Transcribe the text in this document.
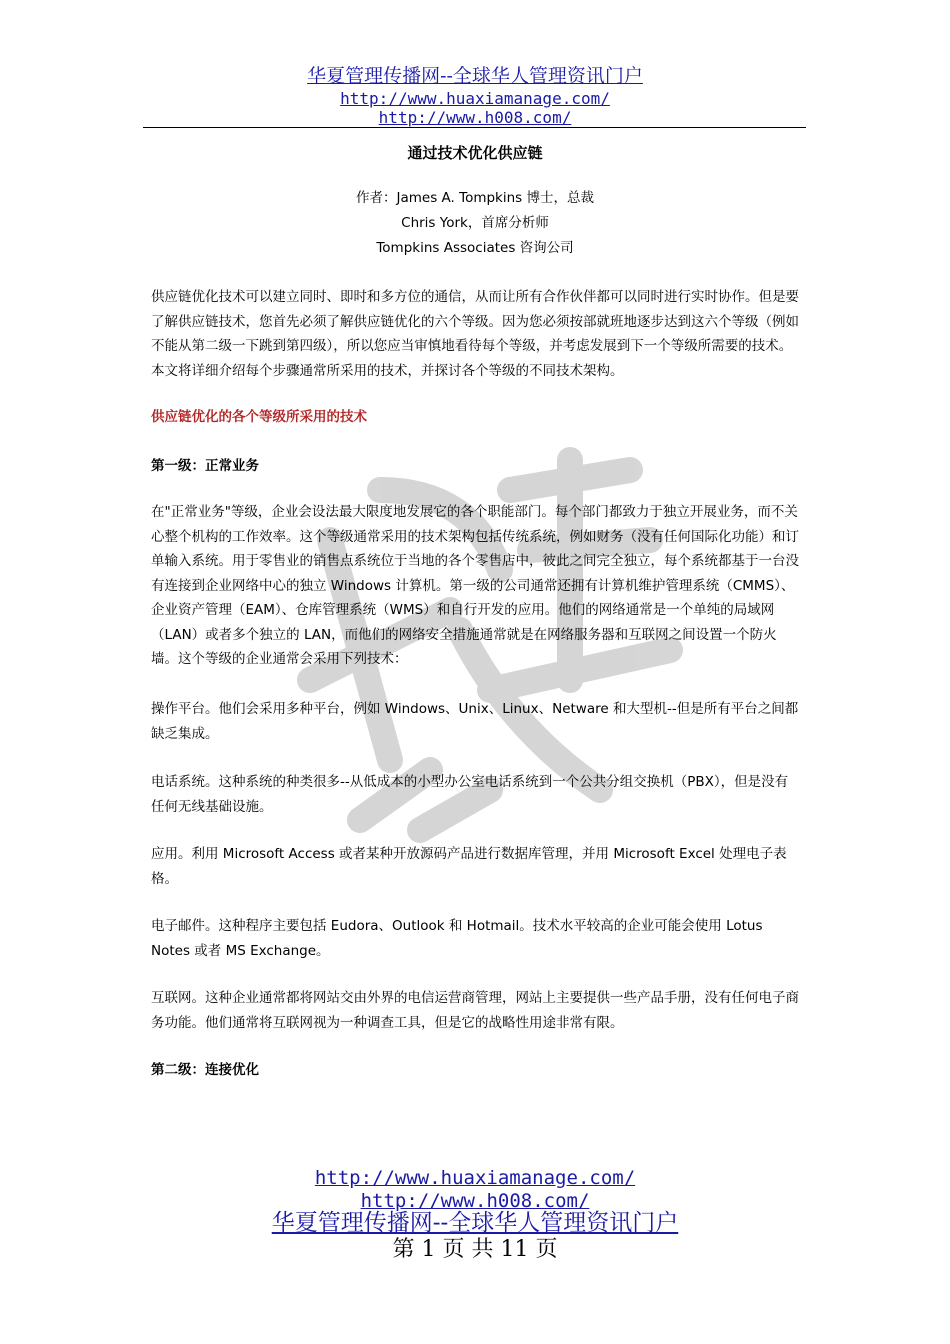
华夏管理传播网--全球华人管理资讯门户
http://www.huaxiamanage.com/
http://www.h008.com/
通过技术优化供应链
作者：James A. Tompkins 博士，总裁
Chris York，首席分析师
Tompkins Associates 咨询公司
供应链优化技术可以建立同时、即时和多方位的通信，从而让所有合作伙伴都可以同时进行实时协作。但是要了解供应链技术，您首先必须了解供应链优化的六个等级。因为您必须按部就班地逐步达到这六个等级（例如不能从第二级一下跳到第四级），所以您应当审慎地看待每个等级，并考虑发展到下一个等级所需要的技术。本文将详细介绍每个步骤通常所采用的技术，并探讨各个等级的不同技术架构。
供应链优化的各个等级所采用的技术
第一级：正常业务
在"正常业务"等级，企业会设法最大限度地发展它的各个职能部门。每个部门都致力于独立开展业务，而不关心整个机构的工作效率。这个等级通常采用的技术架构包括传统系统，例如财务（没有任何国际化功能）和订单输入系统。用于零售业的销售点系统位于当地的各个零售店中，彼此之间完全独立，每个系统都基于一台没有连接到企业网络中心的独立 Windows 计算机。第一级的公司通常还拥有计算机维护管理系统（CMMS）、企业资产管理（EAM）、仓库管理系统（WMS）和自行开发的应用。他们的网络通常是一个单纯的局域网（LAN）或者多个独立的 LAN，而他们的网络安全措施通常就是在网络服务器和互联网之间设置一个防火墙。这个等级的企业通常会采用下列技术：
操作平台。他们会采用多种平台，例如 Windows、Unix、Linux、Netware 和大型机--但是所有平台之间都缺乏集成。
电话系统。这种系统的种类很多--从低成本的小型办公室电话系统到一个公共分组交换机（PBX），但是没有任何无线基础设施。
应用。利用 Microsoft Access 或者某种开放源码产品进行数据库管理，并用 Microsoft Excel 处理电子表格。
电子邮件。这种程序主要包括 Eudora、Outlook 和 Hotmail。技术水平较高的企业可能会使用 Lotus Notes 或者 MS Exchange。
互联网。这种企业通常都将网站交由外界的电信运营商管理，网站上主要提供一些产品手册，没有任何电子商务功能。他们通常将互联网视为一种调查工具，但是它的战略性用途非常有限。
第二级：连接优化
http://www.huaxiamanage.com/
http://www.h008.com/
华夏管理传播网--全球华人管理资讯门户
第 1 页 共 11 页
